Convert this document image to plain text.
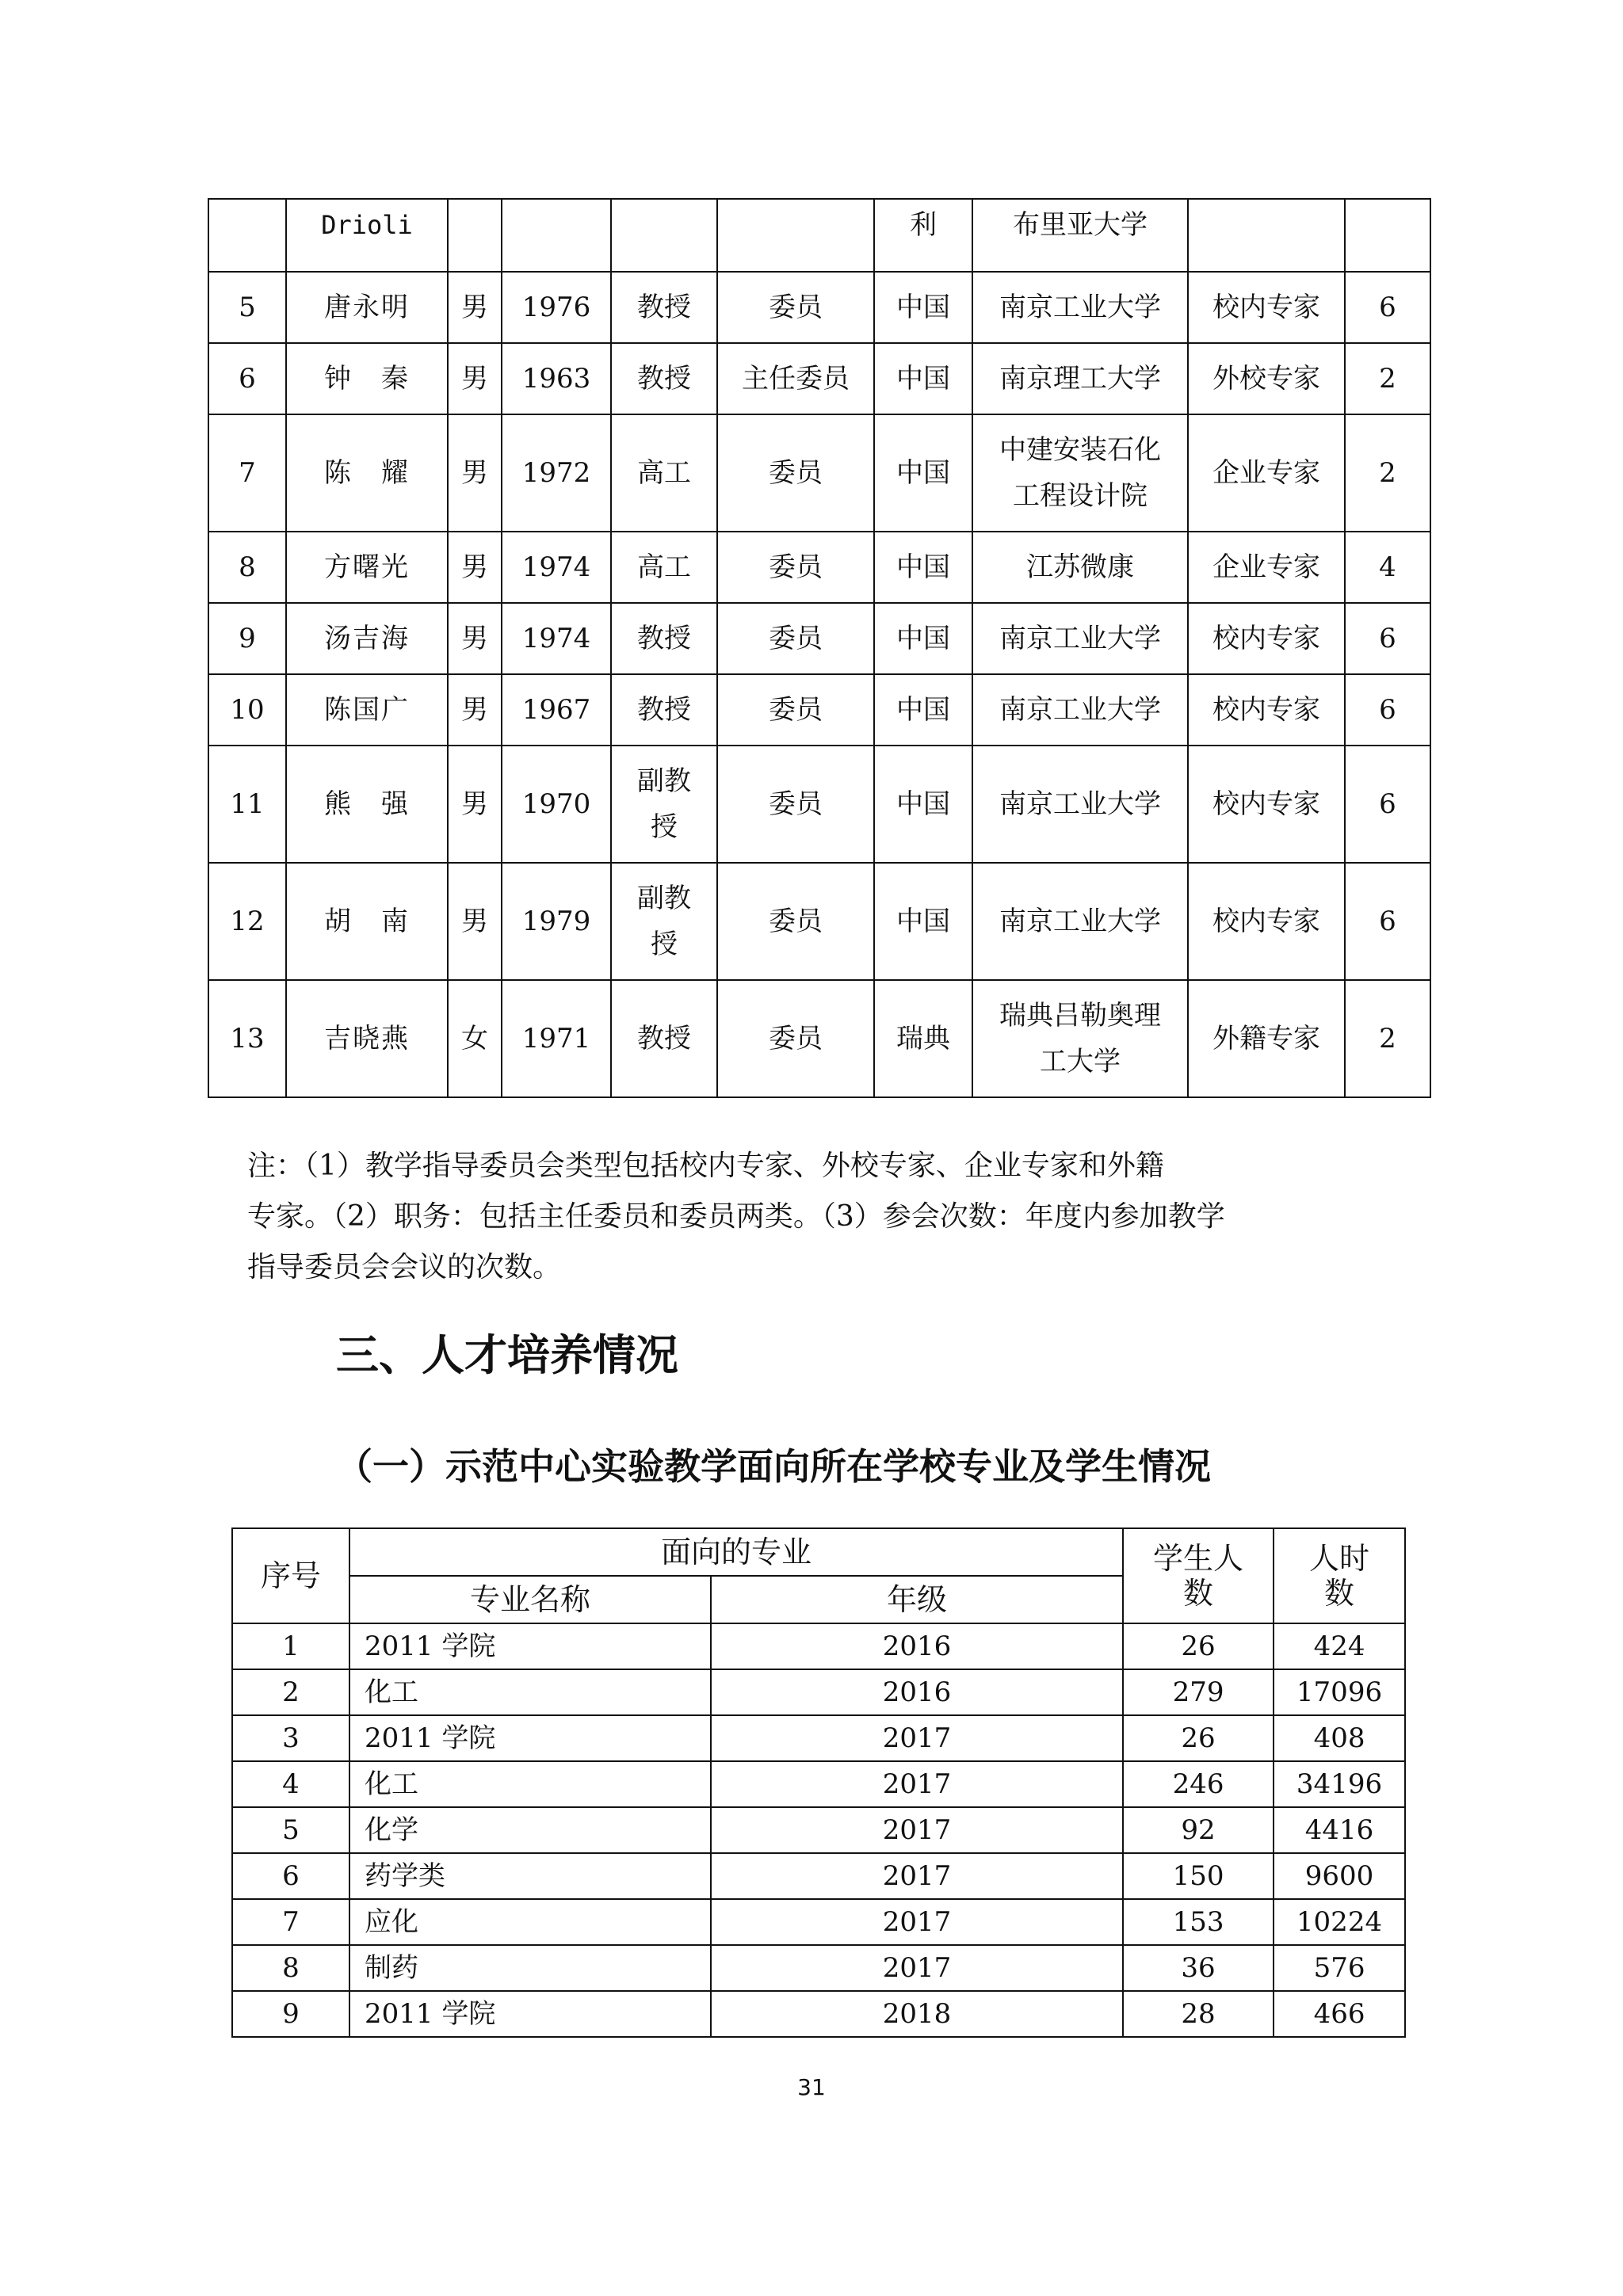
	Drioli					利	布里亚大学		
5	唐永明	男	1976	教授	委员	中国	南京工业大学	校内专家	6
6	钟　秦	男	1963	教授	主任委员	中国	南京理工大学	外校专家	2
7	陈　耀	男	1972	高工	委员	中国	中建安装石化工程设计院	企业专家	2
8	方曙光	男	1974	高工	委员	中国	江苏微康	企业专家	4
9	汤吉海	男	1974	教授	委员	中国	南京工业大学	校内专家	6
10	陈国广	男	1967	教授	委员	中国	南京工业大学	校内专家	6
11	熊　强	男	1970	副教授	委员	中国	南京工业大学	校内专家	6
12	胡　南	男	1979	副教授	委员	中国	南京工业大学	校内专家	6
13	吉晓燕	女	1971	教授	委员	瑞典	瑞典吕勒奥理工大学	外籍专家	2

注：（1）教学指导委员会类型包括校内专家、外校专家、企业专家和外籍

专家。（2）职务：包括主任委员和委员两类。（3）参会次数：年度内参加教学

指导委员会会议的次数。

三、人才培养情况
（一）示范中心实验教学面向所在学校专业及学生情况
序号	面向的专业		学生人数	人时数
	专业名称	年级		
1	2011 学院	2016	26	424
2	化工	2016	279	17096
3	2011 学院	2017	26	408
4	化工	2017	246	34196
5	化学	2017	92	4416
6	药学类	2017	150	9600
7	应化	2017	153	10224
8	制药	2017	36	576
9	2011 学院	2018	28	466
31
